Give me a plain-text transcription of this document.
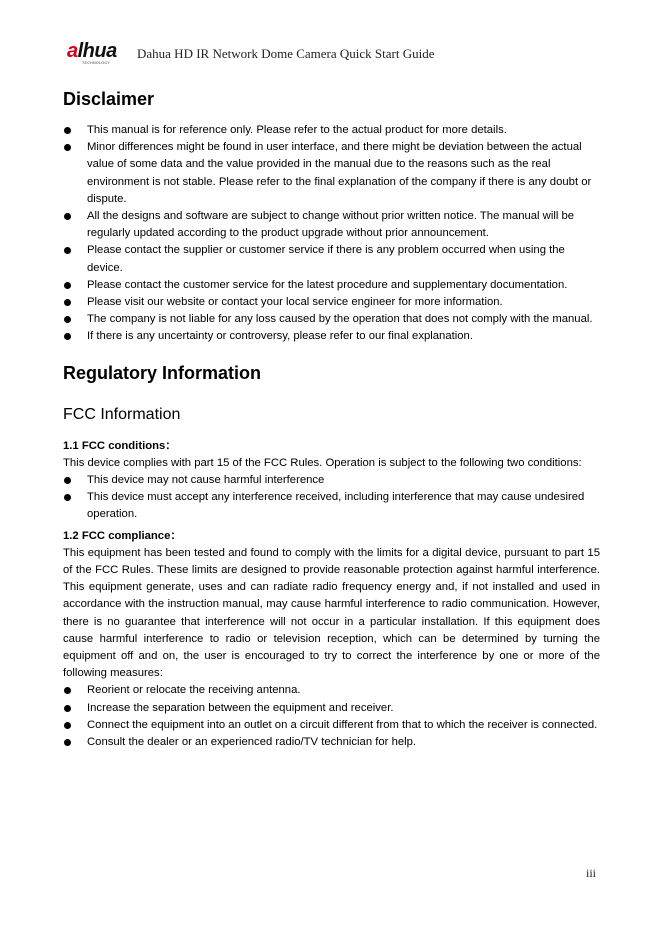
alhua
TECHNOLOGY
Dahua HD IR Network Dome Camera Quick Start Guide
Disclaimer
This manual is for reference only. Please refer to the actual product for more details.
Minor differences might be found in user interface, and there might be deviation between the actual value of some data and the value provided in the manual due to the reasons such as the real environment is not stable. Please refer to the final explanation of the company if there is any doubt or dispute.
All the designs and software are subject to change without prior written notice. The manual will be regularly updated according to the product upgrade without prior announcement.
Please contact the supplier or customer service if there is any problem occurred when using the device.
Please contact the customer service for the latest procedure and supplementary documentation.
Please visit our website or contact your local service engineer for more information.
The company is not liable for any loss caused by the operation that does not comply with the manual.
If there is any uncertainty or controversy, please refer to our final explanation.
Regulatory Information
FCC Information
1.1 FCC conditions：

This device complies with part 15 of the FCC Rules. Operation is subject to the following two conditions:

This device may not cause harmful interference
This device must accept any interference received, including interference that may cause undesired operation.
1.2 FCC compliance：

This equipment has been tested and found to comply with the limits for a digital device, pursuant to part 15 of the FCC Rules. These limits are designed to provide reasonable protection against harmful interference. This equipment generate, uses and can radiate radio frequency energy and, if not installed and used in accordance with the instruction manual, may cause harmful interference to radio communication. However, there is no guarantee that interference will not occur in a particular installation. If this equipment does cause harmful interference to radio or television reception, which can be determined by turning the equipment off and on, the user is encouraged to try to correct the interference by one or more of the following measures:

Reorient or relocate the receiving antenna.
Increase the separation between the equipment and receiver.
Connect the equipment into an outlet on a circuit different from that to which the receiver is connected.
Consult the dealer or an experienced radio/TV technician for help.
iii
